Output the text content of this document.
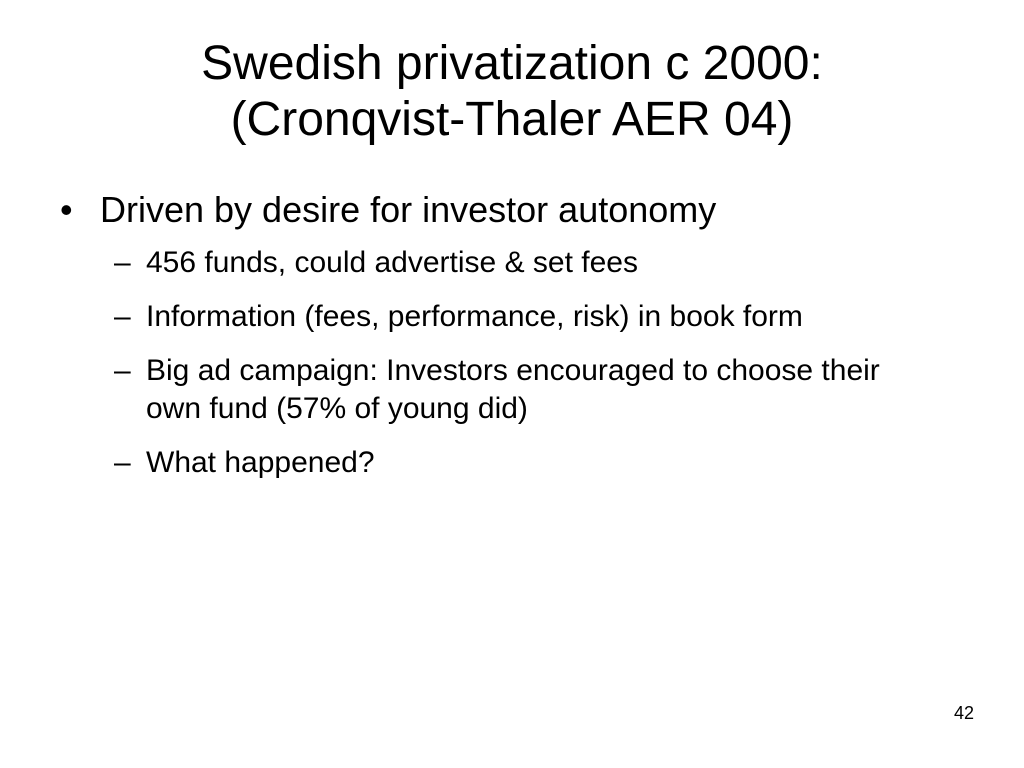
Swedish privatization c 2000:
(Cronqvist-Thaler AER 04)
• Driven by desire for investor autonomy
– 456 funds, could advertise & set fees
– Information (fees, performance, risk) in book form
– Big ad campaign: Investors encouraged to choose their own fund (57% of young did)
– What happened?
42
